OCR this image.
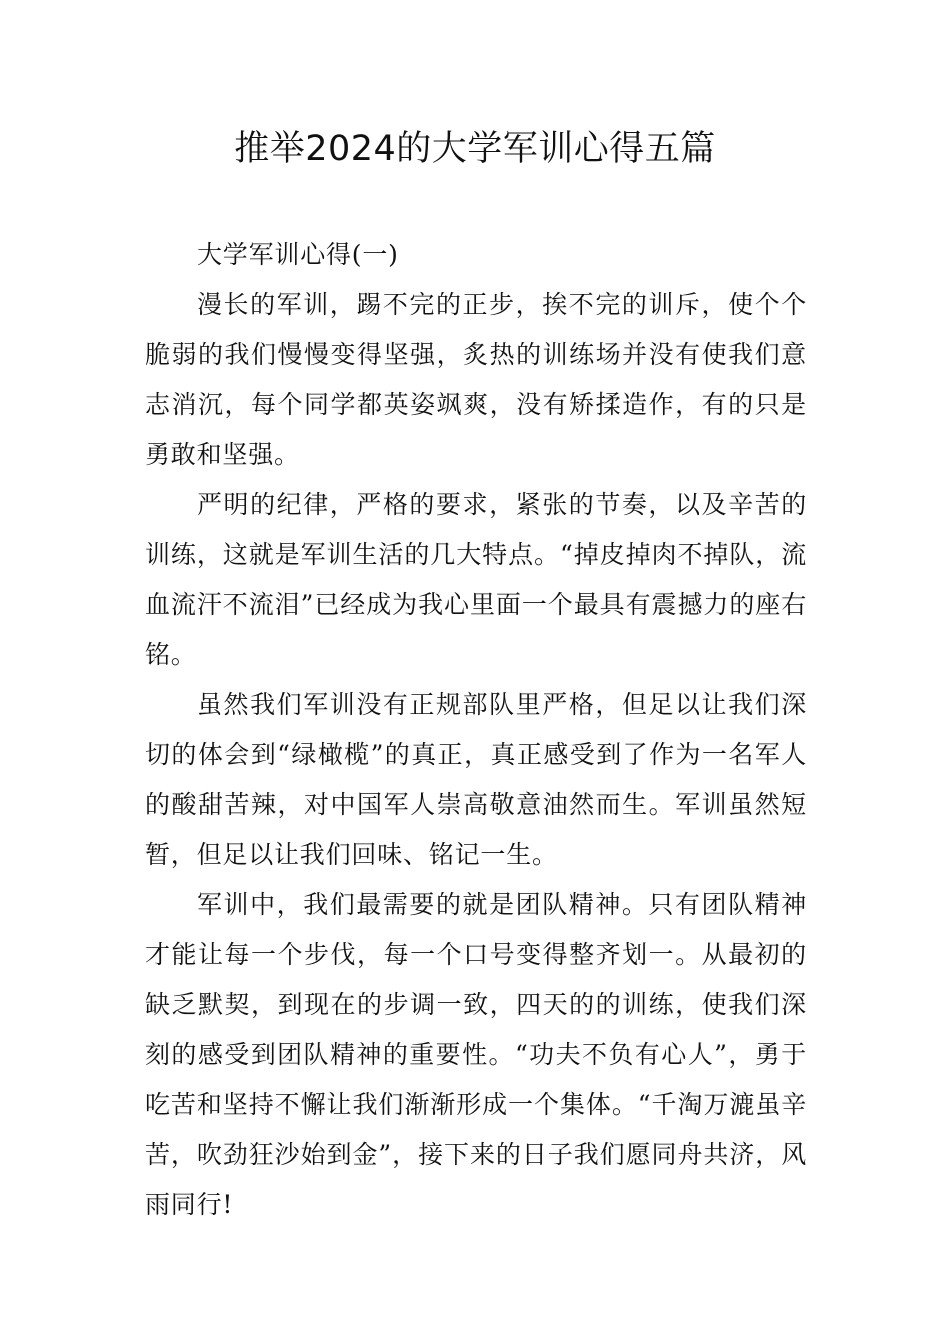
推举2024的大学军训心得五篇

大学军训心得(一)

漫长的军训，踢不完的正步，挨不完的训斥，使个个脆弱的我们慢慢变得坚强，炙热的训练场并没有使我们意志消沉，每个同学都英姿飒爽，没有矫揉造作，有的只是勇敢和坚强。

严明的纪律，严格的要求，紧张的节奏，以及辛苦的训练，这就是军训生活的几大特点。“掉皮掉肉不掉队，流血流汗不流泪”已经成为我心里面一个最具有震撼力的座右铭。

虽然我们军训没有正规部队里严格，但足以让我们深切的体会到“绿橄榄”的真正，真正感受到了作为一名军人的酸甜苦辣，对中国军人崇高敬意油然而生。军训虽然短暂，但足以让我们回味、铭记一生。

军训中，我们最需要的就是团队精神。只有团队精神才能让每一个步伐，每一个口号变得整齐划一。从最初的缺乏默契，到现在的步调一致，四天的的训练，使我们深刻的感受到团队精神的重要性。“功夫不负有心人”，勇于吃苦和坚持不懈让我们渐渐形成一个集体。“千淘万漉虽辛苦，吹劲狂沙始到金”，接下来的日子我们愿同舟共济，风雨同行!
